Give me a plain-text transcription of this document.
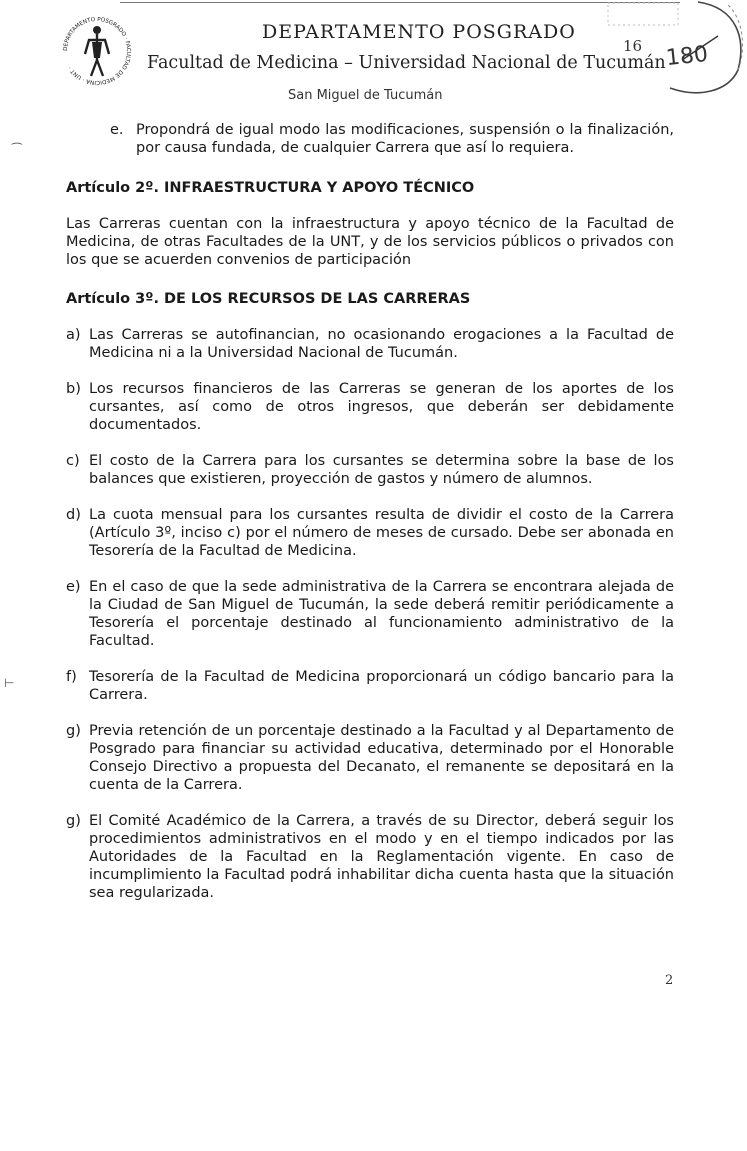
DEPARTAMENTO POSGRADO · FACULTAD DE MEDICINA · UNT ·
DEPARTAMENTO POSGRADO
Facultad de Medicina – Universidad Nacional de Tucumán
San Miguel de Tucumán
16 180
⁀
⊢
e. Propondrá de igual modo las modificaciones, suspensión o la finalización, por causa fundada, de cualquier Carrera que así lo requiera.

Artículo 2º. INFRAESTRUCTURA Y APOYO TÉCNICO

Las Carreras cuentan con la infraestructura y apoyo técnico de la Facultad de Medicina, de otras Facultades de la UNT, y de los servicios públicos o privados con los que se acuerden convenios de participación

Artículo 3º. DE LOS RECURSOS DE LAS CARRERAS

a) Las Carreras se autofinancian, no ocasionando erogaciones a la Facultad de Medicina ni a la Universidad Nacional de Tucumán.

b) Los recursos financieros de las Carreras se generan de los aportes de los cursantes, así como de otros ingresos, que deberán ser debidamente documentados.

c) El costo de la Carrera para los cursantes se determina sobre la base de los balances que existieren, proyección de gastos y número de alumnos.

d) La cuota mensual para los cursantes resulta de dividir el costo de la Carrera (Artículo 3º, inciso c) por el número de meses de cursado. Debe ser abonada en Tesorería de la Facultad de Medicina.

e) En el caso de que la sede administrativa de la Carrera se encontrara alejada de la Ciudad de San Miguel de Tucumán, la sede deberá remitir periódicamente a Tesorería el porcentaje destinado al funcionamiento administrativo de la Facultad.

f) Tesorería de la Facultad de Medicina proporcionará un código bancario para la Carrera.

g) Previa retención de un porcentaje destinado a la Facultad y al Departamento de Posgrado para financiar su actividad educativa, determinado por el Honorable Consejo Directivo a propuesta del Decanato, el remanente se depositará en la cuenta de la Carrera.

g) El Comité Académico de la Carrera, a través de su Director, deberá seguir los procedimientos administrativos en el modo y en el tiempo indicados por las Autoridades de la Facultad en la Reglamentación vigente. En caso de incumplimiento la Facultad podrá inhabilitar dicha cuenta hasta que la situación sea regularizada.

2
